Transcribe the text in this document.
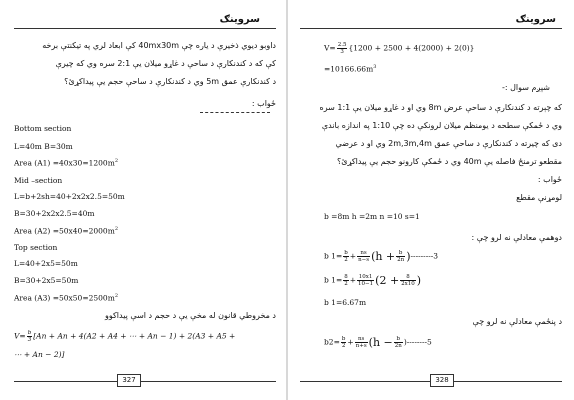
سروینګ
داوبو دیوي ذخیرې د یاره چې 40mx30m کې ابعاد لري په تیکنتې برخه
کې که د کندنکارې د ساحې د غاړو میلان یې 2:1 سره وي که چیرې
د کندنکارې عمق 5m وي د کندنکارې د ساحې حجم یې پیداکړئ؟
ځواب :
Bottom section
L=40m B=30m
Area $(A1) =40x30=1200m^2$
Mid –section
L=b+2sh=40+2x2x2.5=50m
B=30+2x2x2.5=40m
Area $(A2) =50x40=2000m^2$
Top section
L=40+2x5=50m
B=30+2x5=50m
Area $(A3) =50x50=2500m^2$
د مخروطي قانون له مخې يې د حجم د اسې پیداکوو
$V= \frac{b}{3} [An + An + 4(A2 + A4$ + ⋯ + An − 1) + 2(A3 + A5 +
⋯ + An − 2)]
327
سروینګ
$V= \frac{2.5}{3} \{1200 + 2500 + 4(2000) + 2(0)\}$
$=10166.66m^3$
شپږم سوال :-
که چېرته د کندنکارې د ساحې عرض 8m وي او د غاړو میلان یې 1:1 سره
وي د ځمکې سطحه د یومنظم میلان لرونکې ده چې 1:10 په اندازه باندې
دی که چیرته د کندنکارې د ساحې عمق 2m,3m,4m وي او د عرضي
مقطعو ترمنځ فاصله يې 40m وي د ځمکې کارونو حجم يې پيداکړئ؟
ځواب :
لومړنې مقطع
b =8m h =2m n =10 s=1
دوهمې معادلې نه لرو چې :
b $1= \frac{b}{2} + \frac{ns}{n-s} (h + \frac{b}{2n} )---------3$
b $1= \frac{8}{2} + \frac{10x1}{10-1} (2 + \frac{8}{2x10}$ )
b 1=6.67m
د پنځمې معادلې نه لرو چې
$b2= \frac{b}{2} + \frac{ns}{n+s} (h - \frac{b}{2n} )--------5$
328
